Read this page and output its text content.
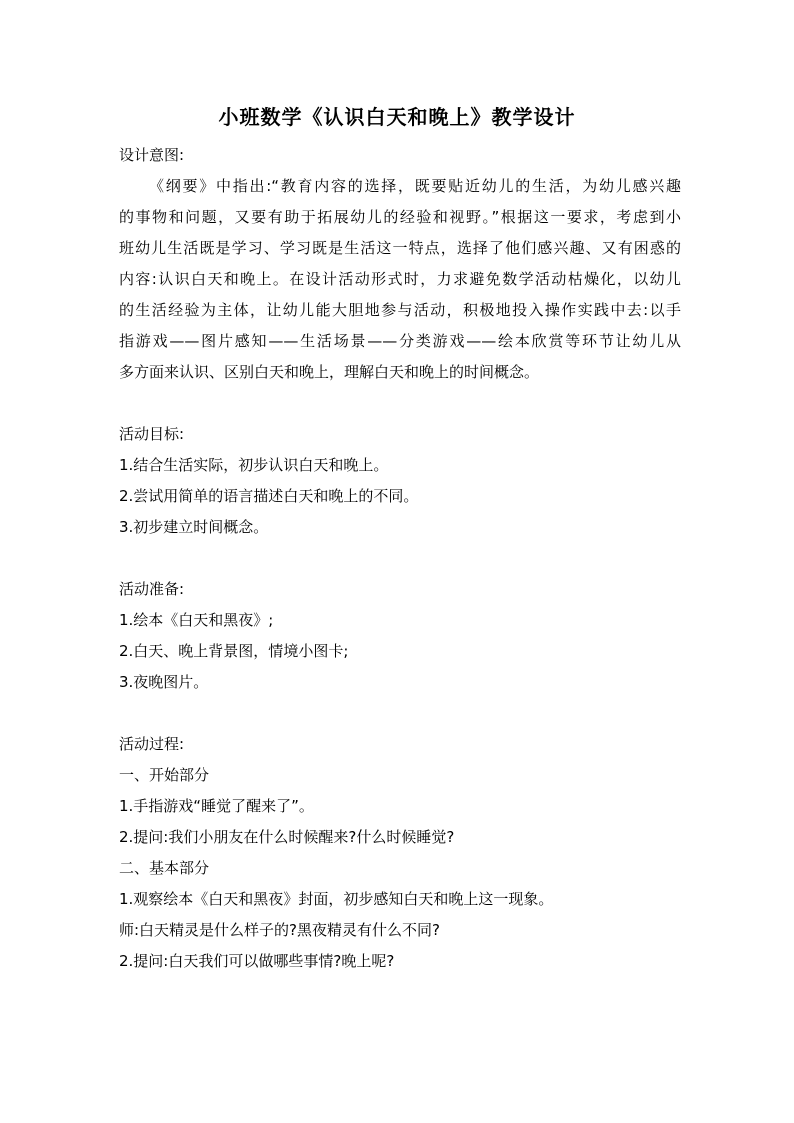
小班数学《认识白天和晚上》教学设计

设计意图:

《纲要》中指出:“教育内容的选择，既要贴近幼儿的生活，为幼儿感兴趣

的事物和问题，又要有助于拓展幼儿的经验和视野。”根据这一要求，考虑到小

班幼儿生活既是学习、学习既是生活这一特点，选择了他们感兴趣、又有困惑的

内容:认识白天和晚上。在设计活动形式时，力求避免数学活动枯燥化，以幼儿

的生活经验为主体，让幼儿能大胆地参与活动，积极地投入操作实践中去:以手

指游戏——图片感知——生活场景——分类游戏——绘本欣赏等环节让幼儿从

多方面来认识、区别白天和晚上，理解白天和晚上的时间概念。

活动目标:

1.结合生活实际，初步认识白天和晚上。

2.尝试用简单的语言描述白天和晚上的不同。

3.初步建立时间概念。

活动准备:

1.绘本《白天和黑夜》;

2.白天、晚上背景图，情境小图卡;

3.夜晚图片。

活动过程:

一、开始部分

1.手指游戏“睡觉了醒来了”。

2.提问:我们小朋友在什么时候醒来?什么时候睡觉?

二、基本部分

1.观察绘本《白天和黑夜》封面，初步感知白天和晚上这一现象。

师:白天精灵是什么样子的?黑夜精灵有什么不同?

2.提问:白天我们可以做哪些事情?晚上呢?
